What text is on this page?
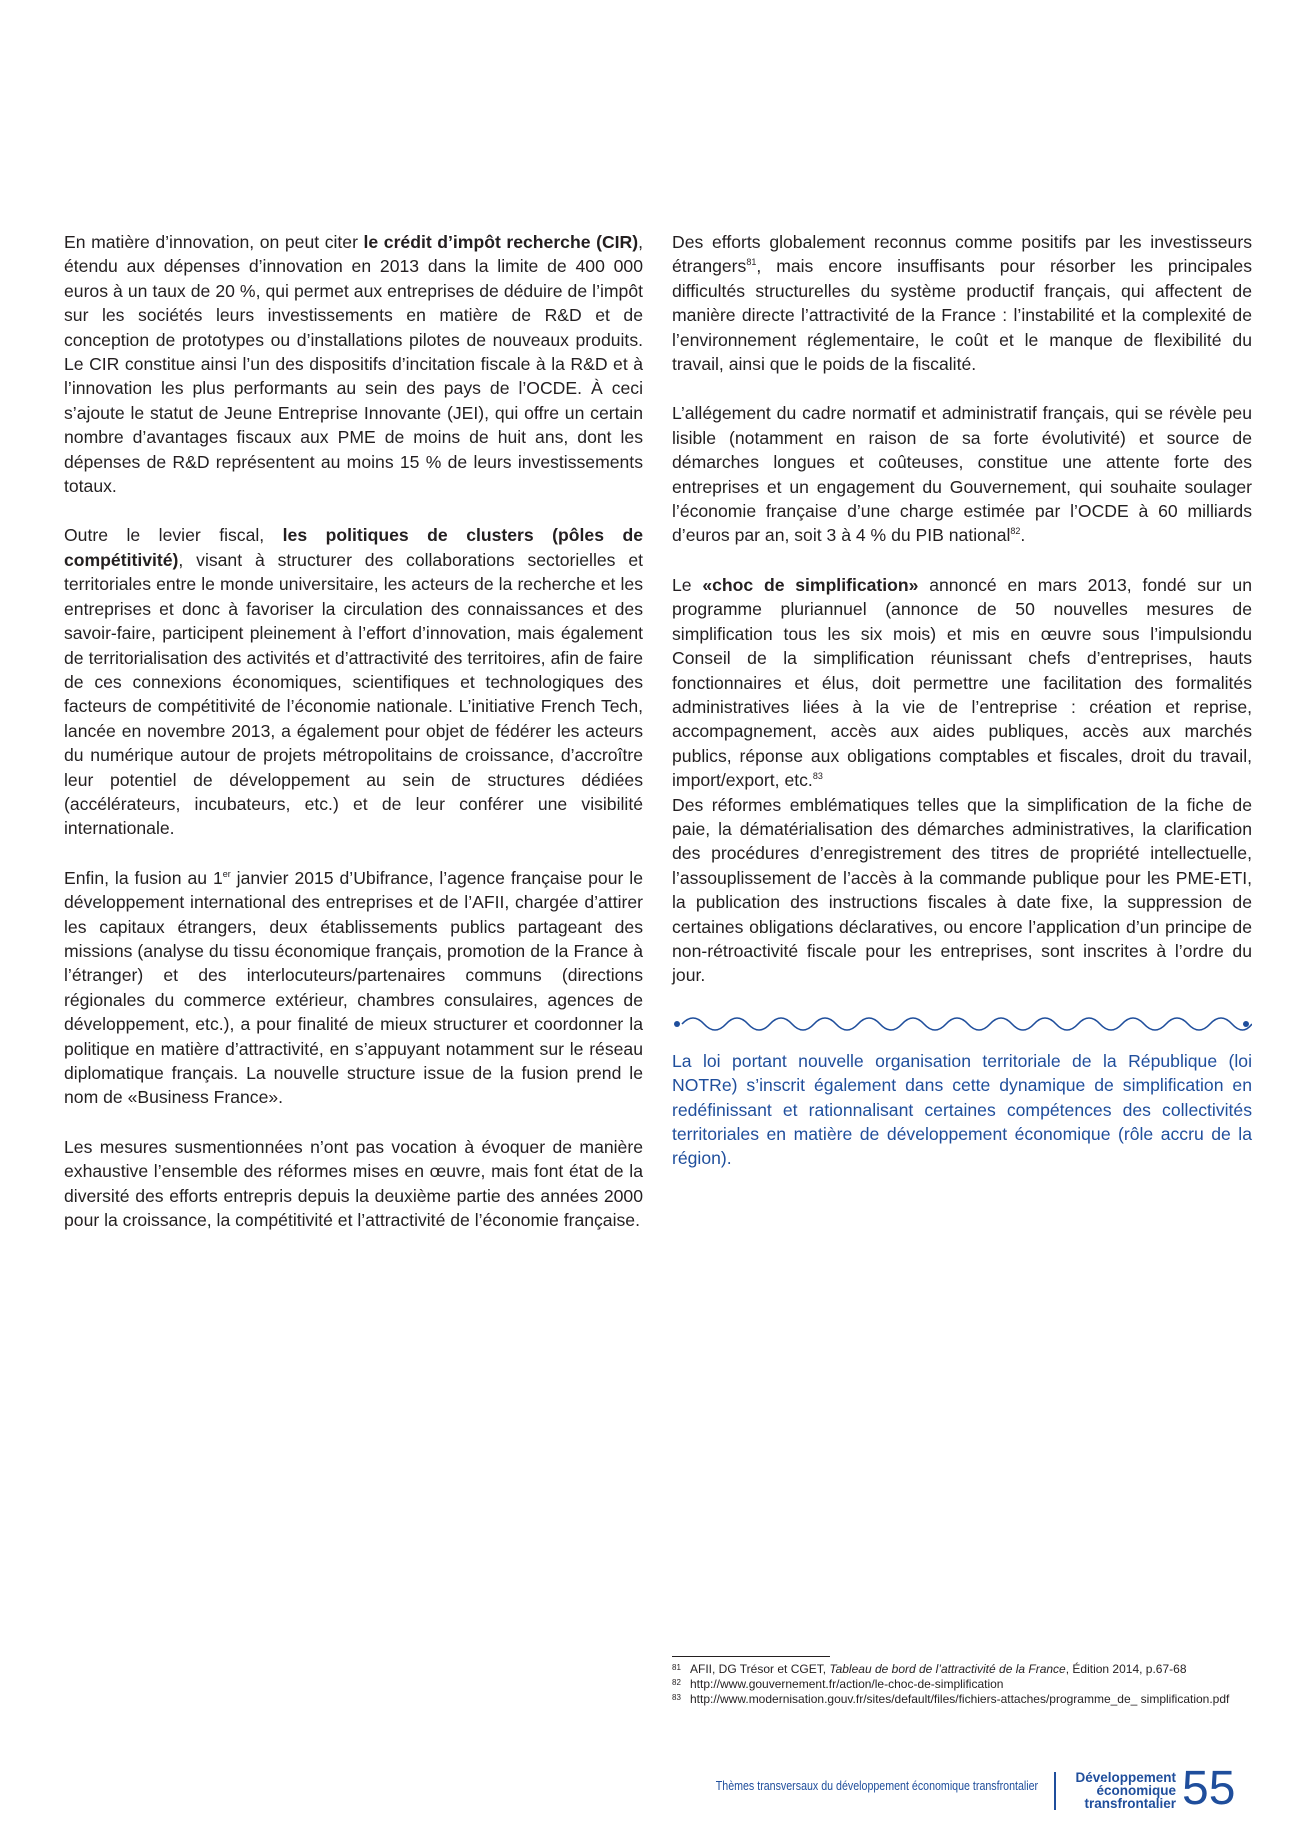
En matière d’innovation, on peut citer le crédit d’impôt recherche (CIR), étendu aux dépenses d’innovation en 2013 dans la limite de 400 000 euros à un taux de 20 %, qui permet aux entreprises de déduire de l’impôt sur les sociétés leurs investissements en matière de R&D et de conception de prototypes ou d’installations pilotes de nouveaux produits. Le CIR constitue ainsi l’un des dispositifs d’incitation fiscale à la R&D et à l’innovation les plus performants au sein des pays de l’OCDE. À ceci s’ajoute le statut de Jeune Entreprise Innovante (JEI), qui offre un certain nombre d’avantages fiscaux aux PME de moins de huit ans, dont les dépenses de R&D représentent au moins 15 % de leurs investissements totaux.

Outre le levier fiscal, les politiques de clusters (pôles de compétitivité), visant à structurer des collaborations sectorielles et territoriales entre le monde universitaire, les acteurs de la recherche et les entreprises et donc à favoriser la circulation des connaissances et des savoir-faire, participent pleinement à l’effort d’innovation, mais également de territorialisation des activités et d’attractivité des territoires, afin de faire de ces connexions économiques, scientifiques et technologiques des facteurs de compétitivité de l’économie nationale. L’initiative French Tech, lancée en novembre 2013, a également pour objet de fédérer les acteurs du numérique autour de projets métropolitains de croissance, d’accroître leur potentiel de développement au sein de structures dédiées (accélérateurs, incubateurs, etc.) et de leur conférer une visibilité internationale.

Enfin, la fusion au 1er janvier 2015 d’Ubifrance, l’agence française pour le développement international des entreprises et de l’AFII, chargée d’attirer les capitaux étrangers, deux établissements publics partageant des missions (analyse du tissu économique français, promotion de la France à l’étranger) et des interlocuteurs/partenaires communs (directions régionales du commerce extérieur, chambres consulaires, agences de développement, etc.), a pour finalité de mieux structurer et coordonner la politique en matière d’attractivité, en s’appuyant notamment sur le réseau diplomatique français. La nouvelle structure issue de la fusion prend le nom de «Business France».

Les mesures susmentionnées n’ont pas vocation à évoquer de manière exhaustive l’ensemble des réformes mises en œuvre, mais font état de la diversité des efforts entrepris depuis la deuxième partie des années 2000 pour la croissance, la compétitivité et l’attractivité de l’économie française.

Des efforts globalement reconnus comme positifs par les investisseurs étrangers$^{81}$, mais encore insuffisants pour résorber les principales difficultés structurelles du système productif français, qui affectent de manière directe l’attractivité de la France : l’instabilité et la complexité de l’environnement réglementaire, le coût et le manque de flexibilité du travail, ainsi que le poids de la fiscalité.

L’allégement du cadre normatif et administratif français, qui se révèle peu lisible (notamment en raison de sa forte évolutivité) et source de démarches longues et coûteuses, constitue une attente forte des entreprises et un engagement du Gouvernement, qui souhaite soulager l’économie française d’une charge estimée par l’OCDE à 60 milliards d’euros par an, soit 3 à 4 % du PIB national$^{82}$.

Le «choc de simplification» annoncé en mars 2013, fondé sur un programme pluriannuel (annonce de 50 nouvelles mesures de simplification tous les six mois) et mis en œuvre sous l’impulsiondu Conseil de la simplification réunissant chefs d’entreprises, hauts fonctionnaires et élus, doit permettre une facilitation des formalités administratives liées à la vie de l’entreprise : création et reprise, accompagnement, accès aux aides publiques, accès aux marchés publics, réponse aux obligations comptables et fiscales, droit du travail, import/export, etc.$^{83}$
Des réformes emblématiques telles que la simplification de la fiche de paie, la dématérialisation des démarches administratives, la clarification des procédures d’enregistrement des titres de propriété intellectuelle, l’assouplissement de l’accès à la commande publique pour les PME-ETI, la publication des instructions fiscales à date fixe, la suppression de certaines obligations déclaratives, ou encore l’application d’un principe de non-rétroactivité fiscale pour les entreprises, sont inscrites à l’ordre du jour.

La loi portant nouvelle organisation territoriale de la République (loi NOTRe) s’inscrit également dans cette dynamique de simplification en redéfinissant et rationnalisant certaines compétences des collectivités territoriales en matière de développement économique (rôle accru de la région).

81 AFII, DG Trésor et CGET, Tableau de bord de l’attractivité de la France, Édition 2014, p.67-68
82 http://www.gouvernement.fr/action/le-choc-de-simplification
83 http://www.modernisation.gouv.fr/sites/default/files/fichiers-attaches/programme_de_ simplification.pdf
Thèmes transversaux du développement économique transfrontalier
Développement
économique
transfrontalier 55
